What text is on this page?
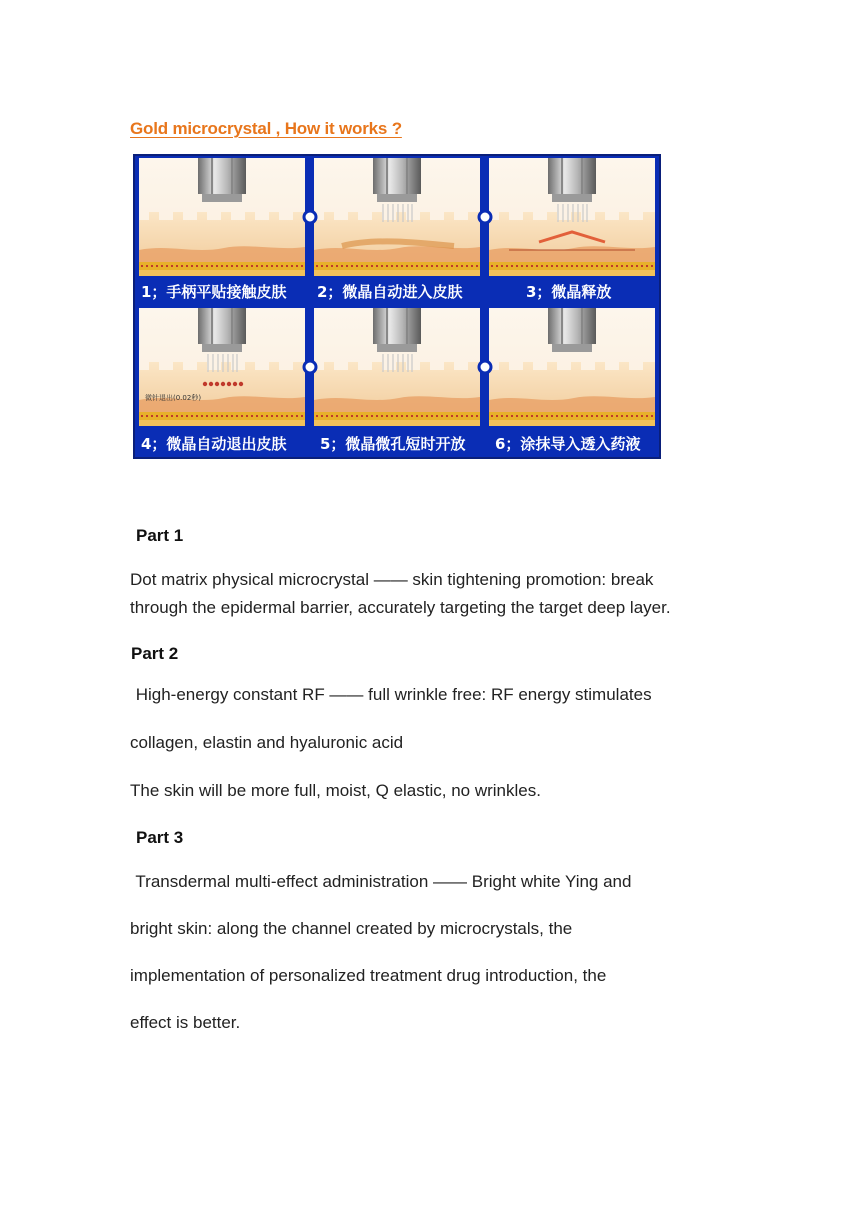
Gold microcrystal , How it works ?
微针退出(0.02秒)
1；手柄平贴接触皮肤 2；微晶自动进入皮肤	3；微晶释放
4；微晶自动退出皮肤 5；微晶微孔短时开放 6；涂抹导入透入药液
Part 1
Dot matrix physical microcrystal —— skin tightening promotion: break
through the epidermal barrier, accurately targeting the target deep layer.
Part 2
High-energy constant RF —— full wrinkle free: RF energy stimulates
collagen, elastin and hyaluronic acid
The skin will be more full, moist, Q elastic, no wrinkles.
Part 3
Transdermal multi-effect administration —— Bright white Ying and
bright skin: along the channel created by microcrystals, the
implementation of personalized treatment drug introduction, the
effect is better.
